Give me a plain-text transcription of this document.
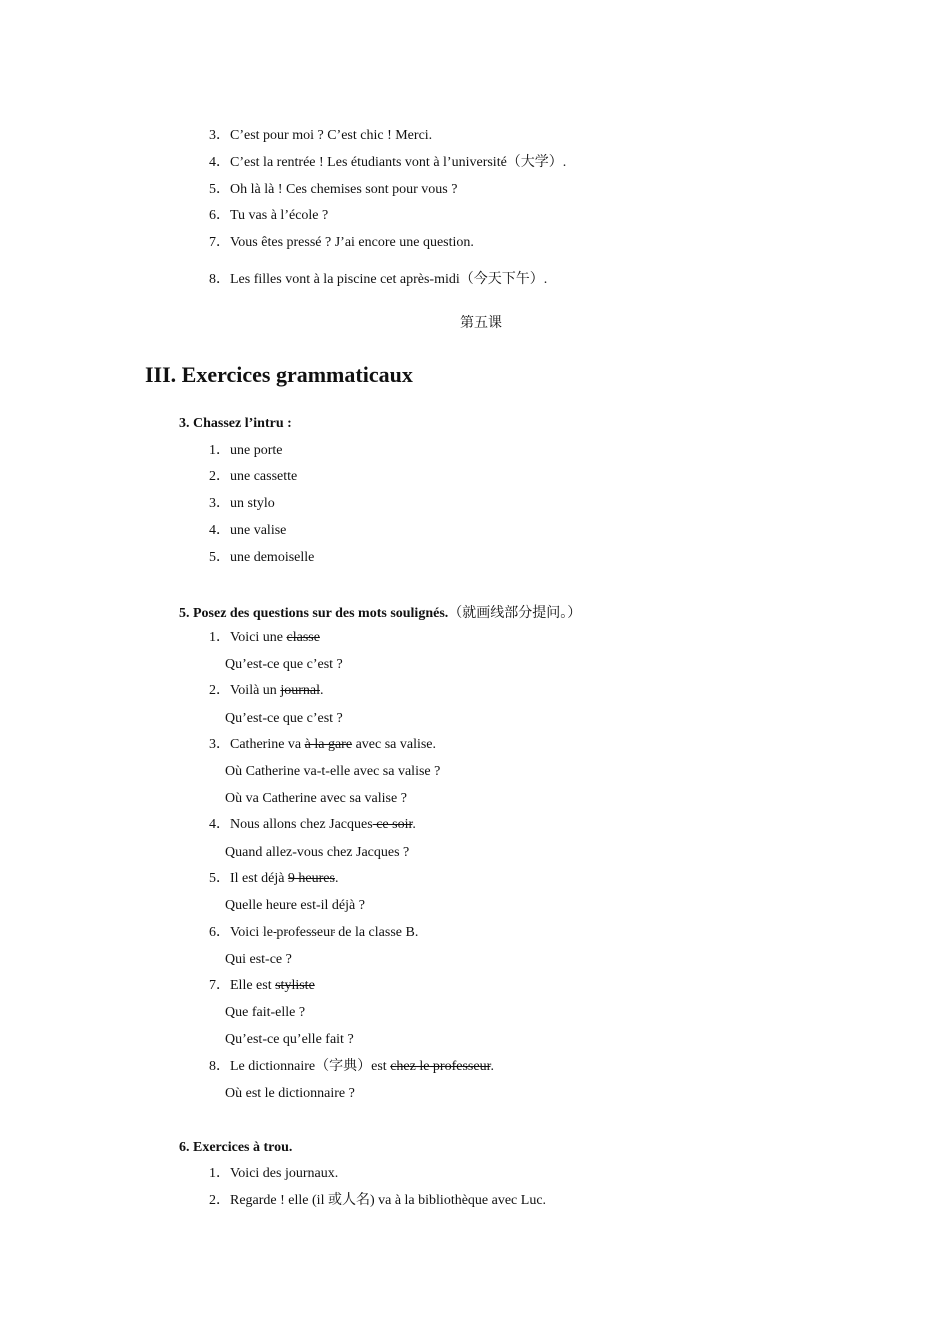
3．C’est pour moi ? C’est chic ! Merci.
4．C’est la rentrée ! Les étudiants vont à l’université（大学）.
5．Oh là là ! Ces chemises sont pour vous ?
6．Tu vas à l’école ?
7．Vous êtes pressé ? J’ai encore une question.
8．Les filles vont à la piscine cet après-midi（今天下午）.
第五课
III. Exercices grammaticaux
3. Chassez l’intru :
1．une porte
2．une cassette
3．un stylo
4．une valise
5．une demoiselle
5. Posez des questions sur des mots soulignés.（就画线部分提问。）
1．Voici une classe
Qu’est-ce que c’est ?
2．Voilà un journal.
Qu’est-ce que c’est ?
3．Catherine va à la gare avec sa valise.
Où Catherine va-t-elle avec sa valise ?
Où va Catherine avec sa valise ?
4．Nous allons chez Jacques ce soir.
Quand allez-vous chez Jacques ?
5．Il est déjà 9 heures.
Quelle heure est-il déjà ?
6．Voici le professeur de la classe B.
Qui est-ce ?
7．Elle est styliste
Que fait-elle ?
Qu’est-ce qu’elle fait ?
8．Le dictionnaire（字典）est chez le professeur.
Où est le dictionnaire ?
6. Exercices à trou.
1．Voici des journaux.
2．Regarde ! elle (il 或人名) va à la bibliothèque avec Luc.
